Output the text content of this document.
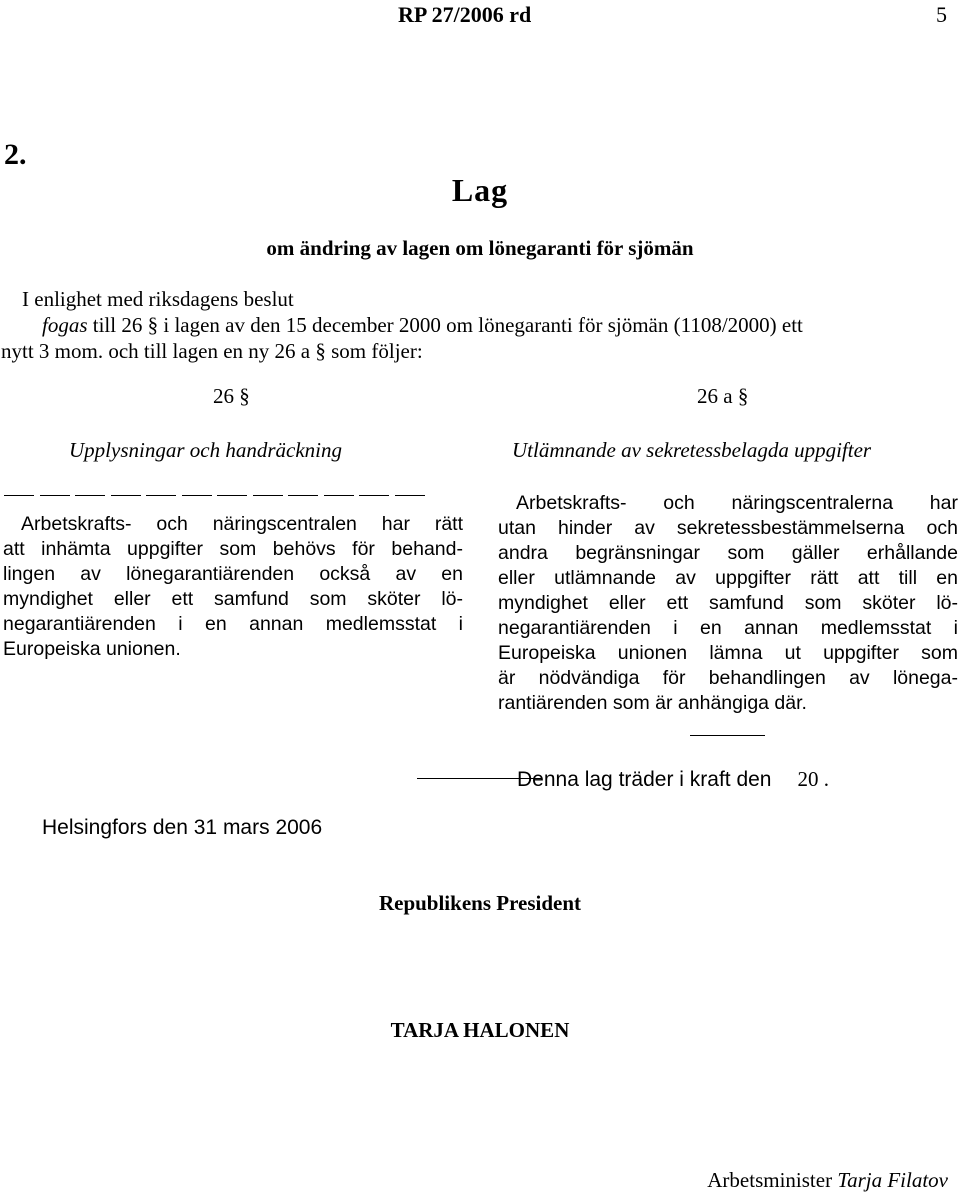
RP 27/2006 rd	5
2.
Lag
om ändring av lagen om lönegaranti för sjömän
I enlighet med riksdagens beslut
fogas till 26 § i lagen av den 15 december 2000 om lönegaranti för sjömän (1108/2000) ett
nytt 3 mom. och till lagen en ny 26 a § som följer:
26 §
Upplysningar och handräckning
Arbetskrafts- och näringscentralen har rätt
att inhämta uppgifter som behövs för behand-
lingen av lönegarantiärenden också av en
myndighet eller ett samfund som sköter lö-
negarantiärenden i en annan medlemsstat i
Europeiska unionen.
26 a §
Utlämnande av sekretessbelagda uppgifter
Arbetskrafts- och näringscentralerna har
utan hinder av sekretessbestämmelserna och
andra begränsningar som gäller erhållande
eller utlämnande av uppgifter rätt att till en
myndighet eller ett samfund som sköter lö-
negarantiärenden i en annan medlemsstat i
Europeiska unionen lämna ut uppgifter som
är nödvändiga för behandlingen av lönega-
rantiärenden som är anhängiga där.
Denna lag träder i kraft den 20 .
Helsingfors den 31 mars 2006
Republikens President
TARJA HALONEN
Arbetsminister Tarja Filatov
